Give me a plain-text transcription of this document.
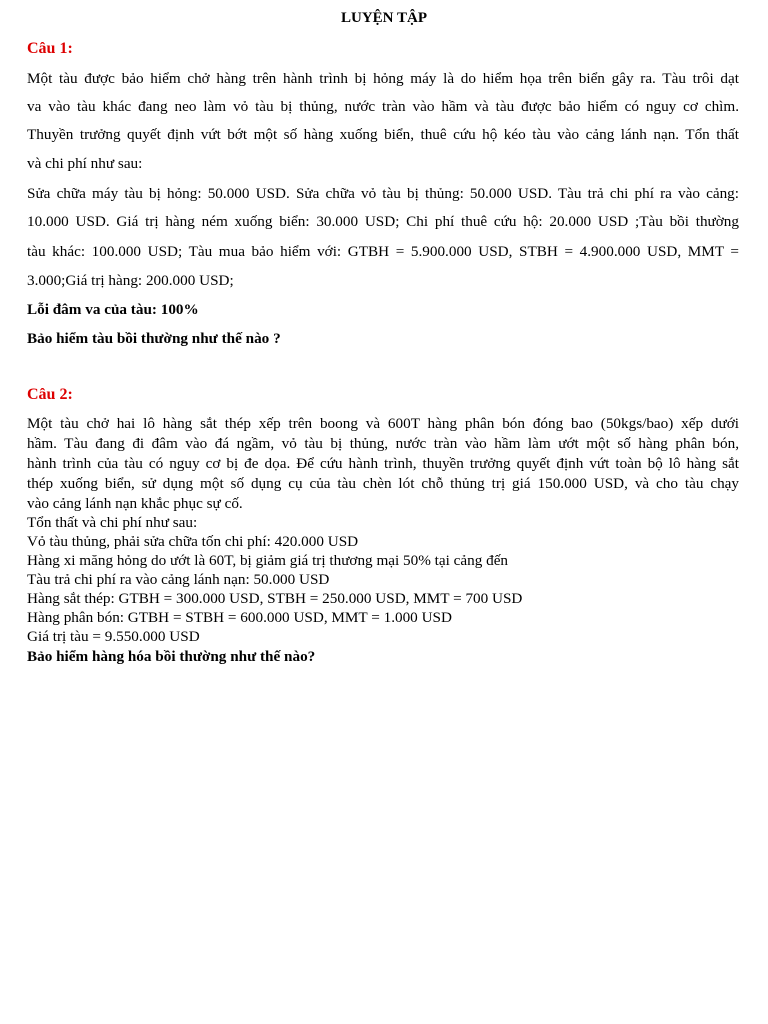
LUYỆN TẬP
Câu 1:
Một tàu được bảo hiểm chở hàng trên hành trình bị hỏng máy là do hiểm họa trên biển gây ra. Tàu trôi dạt
va vào tàu khác đang neo làm vỏ tàu bị thủng, nước tràn vào hầm và tàu được bảo hiểm có nguy cơ chìm.
Thuyền trưởng quyết định vứt bớt một số hàng xuống biển, thuê cứu hộ kéo tàu vào cảng lánh nạn. Tổn thất
và chi phí như sau:
Sửa chữa máy tàu bị hỏng: 50.000 USD. Sửa chữa vỏ tàu bị thủng: 50.000 USD. Tàu trả chi phí ra vào cảng:
10.000 USD. Giá trị hàng ném xuống biển: 30.000 USD; Chi phí thuê cứu hộ: 20.000 USD ;Tàu bồi thường
tàu khác: 100.000 USD; Tàu mua bảo hiểm với: GTBH = 5.900.000 USD, STBH = 4.900.000 USD, MMT =
3.000;Giá trị hàng: 200.000 USD;
Lỗi đâm va của tàu: 100%
Bảo hiểm tàu bồi thường như thế nào ?
Câu 2:
Một tàu chở hai lô hàng sắt thép xếp trên boong và 600T hàng phân bón đóng bao (50kgs/bao) xếp dưới
hầm. Tàu đang đi đâm vào đá ngầm, vỏ tàu bị thủng, nước tràn vào hầm làm ướt một số hàng phân bón,
hành trình của tàu có nguy cơ bị đe dọa. Để cứu hành trình, thuyền trưởng quyết định vứt toàn bộ lô hàng sắt
thép xuống biển, sử dụng một số dụng cụ của tàu chèn lót chỗ thủng trị giá 150.000 USD, và cho tàu chạy
vào cảng lánh nạn khắc phục sự cố.
Tổn thất và chi phí như sau:
Vỏ tàu thủng, phải sửa chữa tốn chi phí: 420.000 USD
Hàng xi măng hỏng do ướt là 60T, bị giảm giá trị thương mại 50% tại cảng đến
Tàu trả chi phí ra vào cảng lánh nạn: 50.000 USD
Hàng sắt thép: GTBH = 300.000 USD, STBH = 250.000 USD, MMT = 700 USD
Hàng phân bón: GTBH = STBH = 600.000 USD, MMT = 1.000 USD
Giá trị tàu = 9.550.000 USD
Bảo hiểm hàng hóa bồi thường như thế nào?
